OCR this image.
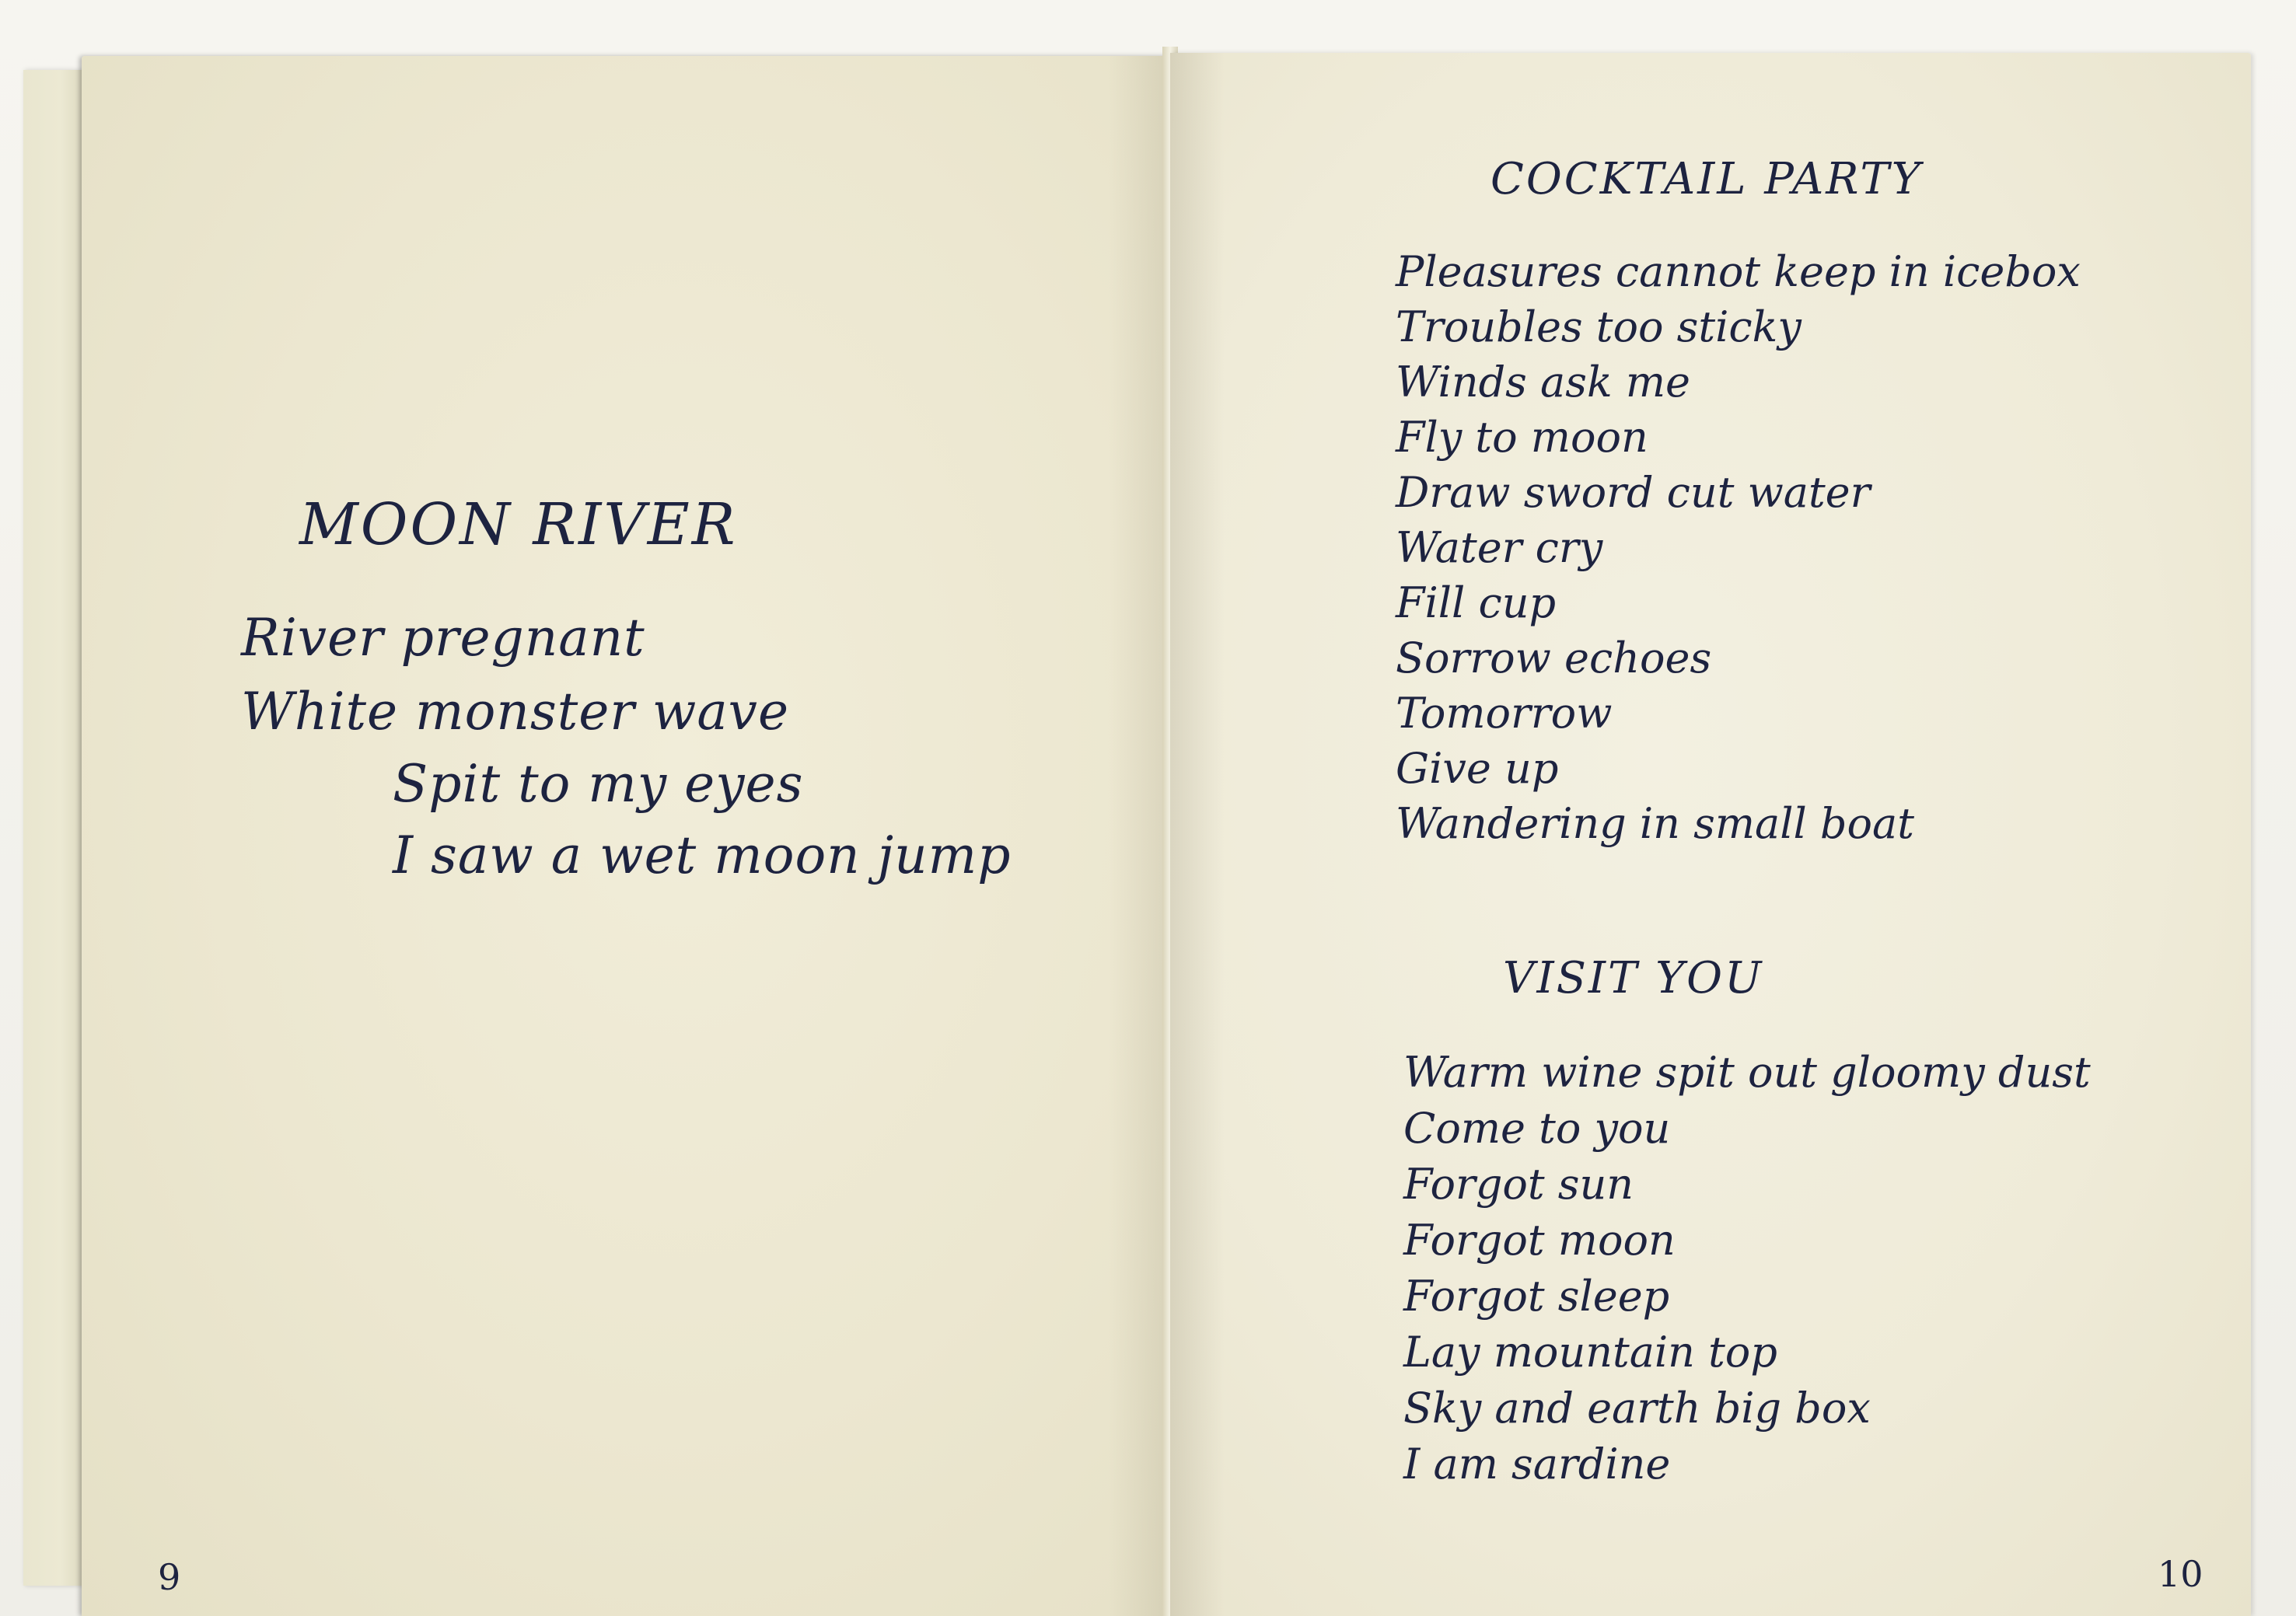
MOON RIVER
River pregnant
White monster wave
Spit to my eyes
I saw a wet moon jump
9
COCKTAIL PARTY
Pleasures cannot keep in icebox
Troubles too sticky
Winds ask me
Fly to moon
Draw sword cut water
Water cry
Fill cup
Sorrow echoes
Tomorrow
Give up
Wandering in small boat
VISIT YOU
Warm wine spit out gloomy dust
Come to you
Forgot sun
Forgot moon
Forgot sleep
Lay mountain top
Sky and earth big box
I am sardine
10
